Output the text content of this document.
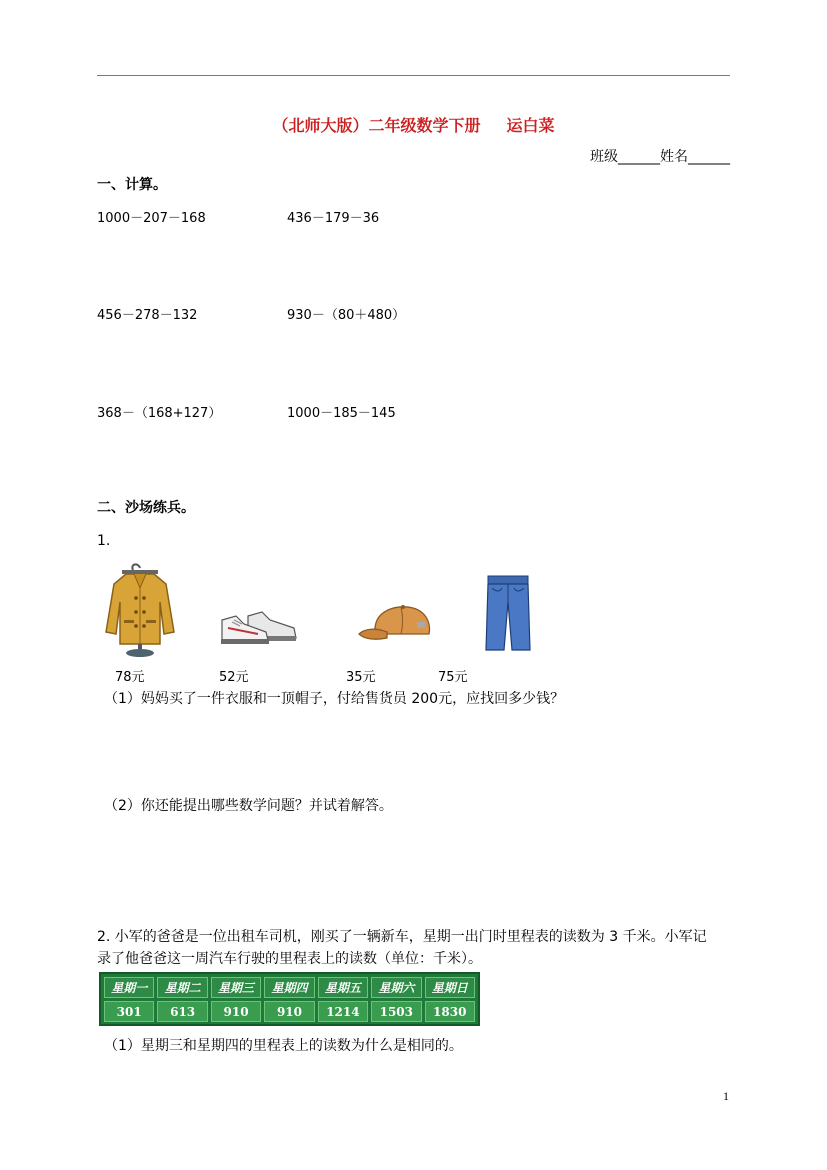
（北师大版）二年级数学下册 运白菜
班级______姓名______
一、计算。
1000－207－168	436－179－36
456－278－132	930－（80＋480）
368－（168+127）	1000－185－145
二、沙场练兵。
1.
78元	52元	35元	75元
（1）妈妈买了一件衣服和一顶帽子，付给售货员 200元，应找回多少钱？
（2）你还能提出哪些数学问题？并试着解答。
2. 小军的爸爸是一位出租车司机，刚买了一辆新车，星期一出门时里程表的读数为 3 千米。小军记
录了他爸爸这一周汽车行驶的里程表上的读数（单位：千米）。
星期一	星期二	星期三	星期四	星期五	星期六	星期日
301	613	910	910	1214	1503	1830
（1）星期三和星期四的里程表上的读数为什么是相同的。
1
